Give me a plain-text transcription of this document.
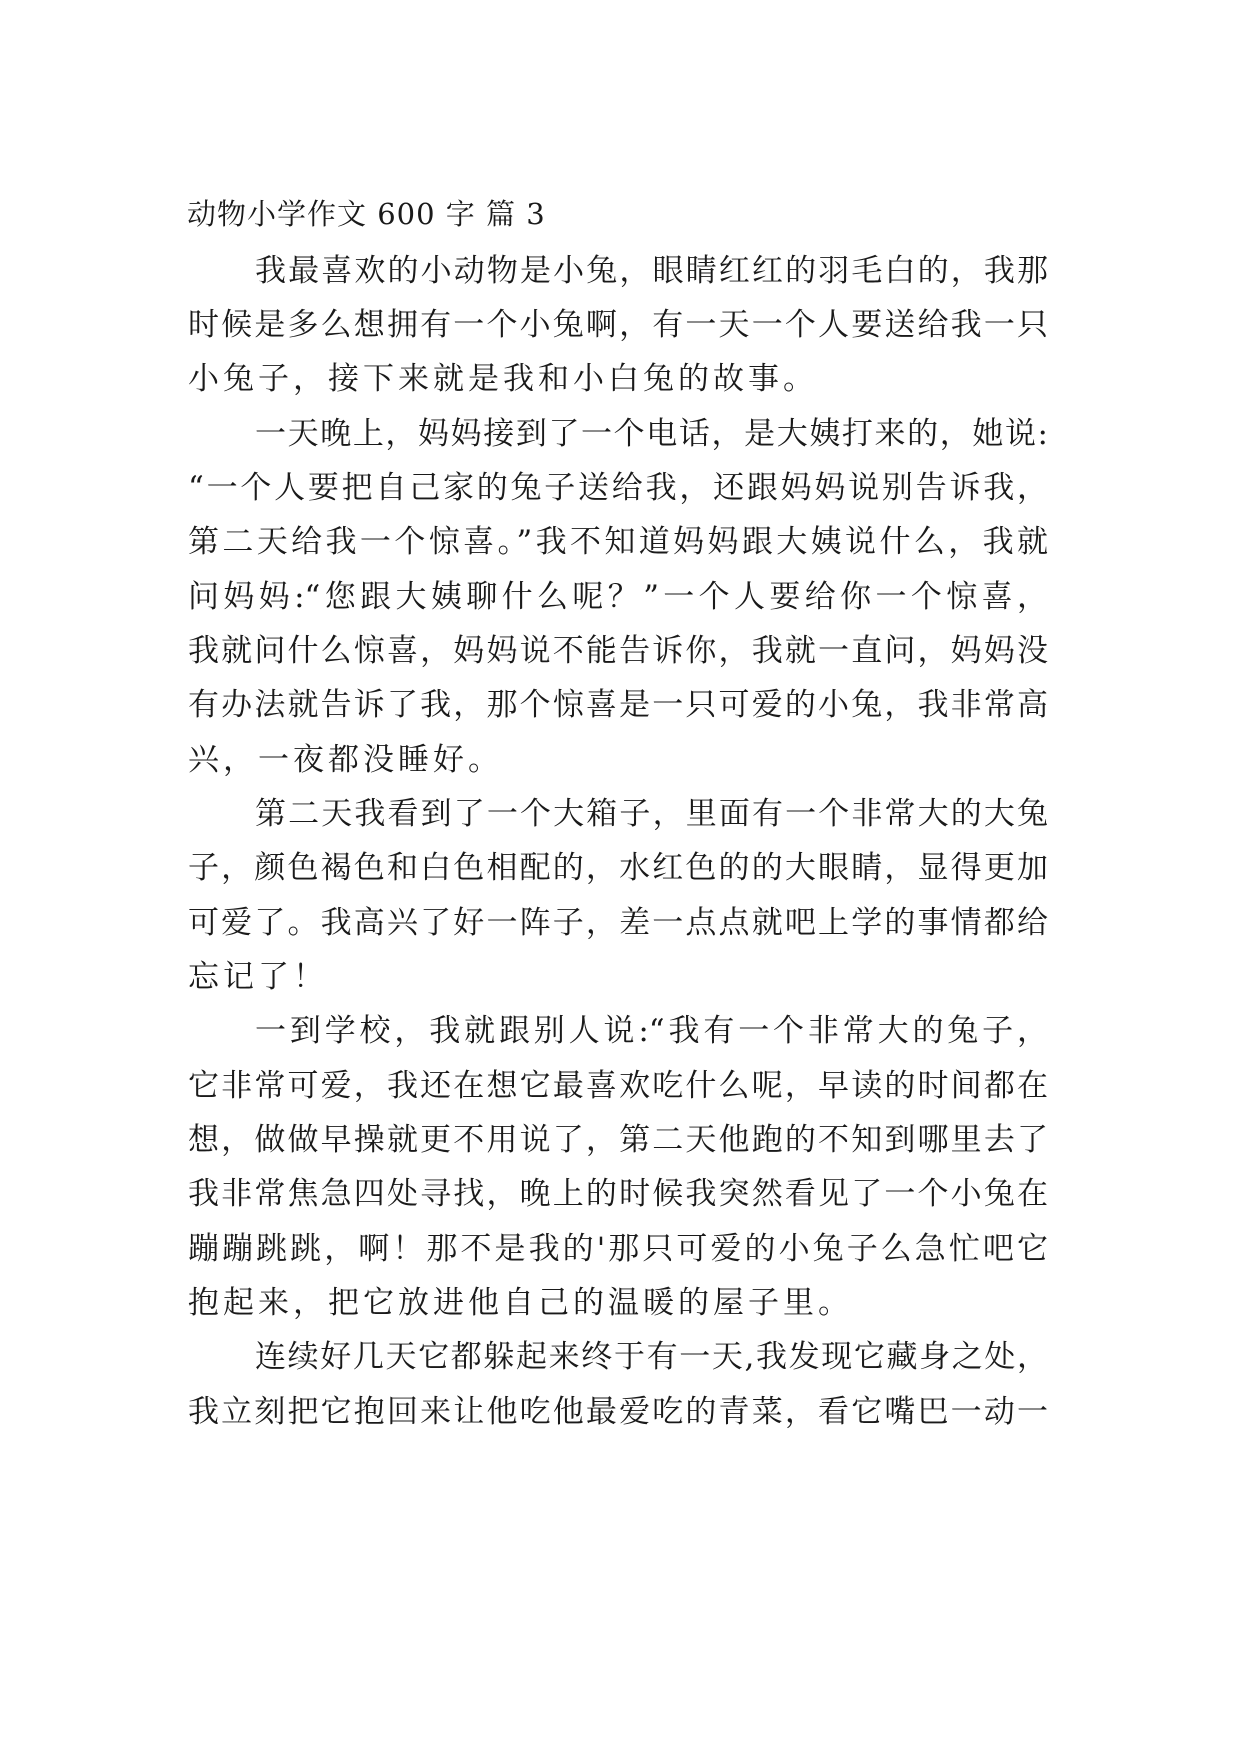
动物小学作文 600 字 篇 3
我最喜欢的小动物是小兔，眼睛红红的羽毛白的，我那
时候是多么想拥有一个小兔啊，有一天一个人要送给我一只
小兔子，接下来就是我和小白兔的故事。
一天晚上，妈妈接到了一个电话，是大姨打来的，她说:
“一个人要把自己家的兔子送给我，还跟妈妈说别告诉我，
第二天给我一个惊喜。”我不知道妈妈跟大姨说什么，我就
问妈妈:“您跟大姨聊什么呢？”一个人要给你一个惊喜，
我就问什么惊喜，妈妈说不能告诉你，我就一直问，妈妈没
有办法就告诉了我，那个惊喜是一只可爱的小兔，我非常高
兴，一夜都没睡好。
第二天我看到了一个大箱子，里面有一个非常大的大兔
子，颜色褐色和白色相配的，水红色的的大眼睛，显得更加
可爱了。我高兴了好一阵子，差一点点就吧上学的事情都给
忘记了！
一到学校，我就跟别人说:“我有一个非常大的兔子，
它非常可爱，我还在想它最喜欢吃什么呢，早读的时间都在
想，做做早操就更不用说了，第二天他跑的不知到哪里去了
我非常焦急四处寻找，晚上的时候我突然看见了一个小兔在
蹦蹦跳跳，啊！那不是我的'那只可爱的小兔子么急忙吧它
抱起来，把它放进他自己的温暖的屋子里。
连续好几天它都躲起来终于有一天,我发现它藏身之处，
我立刻把它抱回来让他吃他最爱吃的青菜，看它嘴巴一动一
